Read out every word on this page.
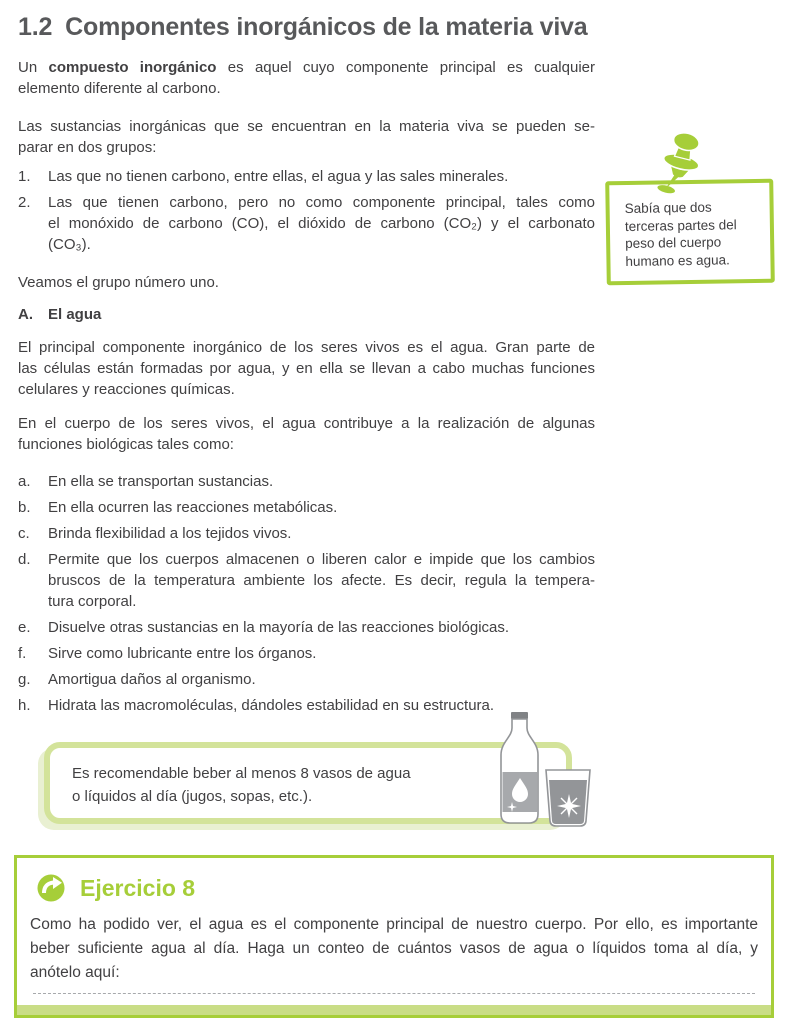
1.2 Componentes inorgánicos de la materia viva
Un compuesto inorgánico es aquel cuyo componente principal es cualquier
elemento diferente al carbono.
Las sustancias inorgánicas que se encuentran en la materia viva se pueden se-
parar en dos grupos:
1.	Las que no tienen carbono, entre ellas, el agua y las sales minerales.
2.	Las que tienen carbono, pero no como componente principal, tales como
el monóxido de carbono (CO), el dióxido de carbono (CO₂) y el carbonato
(CO₃).
Veamos el grupo número uno.
A.	El agua
El principal componente inorgánico de los seres vivos es el agua. Gran parte de
las células están formadas por agua, y en ella se llevan a cabo muchas funciones
celulares y reacciones químicas.
En el cuerpo de los seres vivos, el agua contribuye a la realización de algunas
funciones biológicas tales como:
a.	En ella se transportan sustancias.
b.	En ella ocurren las reacciones metabólicas.
c.	Brinda flexibilidad a los tejidos vivos.
d.	Permite que los cuerpos almacenen o liberen calor e impide que los cambios
bruscos de la temperatura ambiente los afecte. Es decir, regula la tempera-
tura corporal.
e.	Disuelve otras sustancias en la mayoría de las reacciones biológicas.
f.	Sirve como lubricante entre los órganos.
g.	Amortigua daños al organismo.
h.	Hidrata las macromoléculas, dándoles estabilidad en su estructura.
Sabía que dos terceras partes del peso del cuerpo humano es agua.
Es recomendable beber al menos 8 vasos de agua o líquidos al día (jugos, sopas, etc.).
Ejercicio 8
Como ha podido ver, el agua es el componente principal de nuestro cuerpo. Por ello, es importante
beber suficiente agua al día. Haga un conteo de cuántos vasos de agua o líquidos toma al día, y
anótelo aquí:
